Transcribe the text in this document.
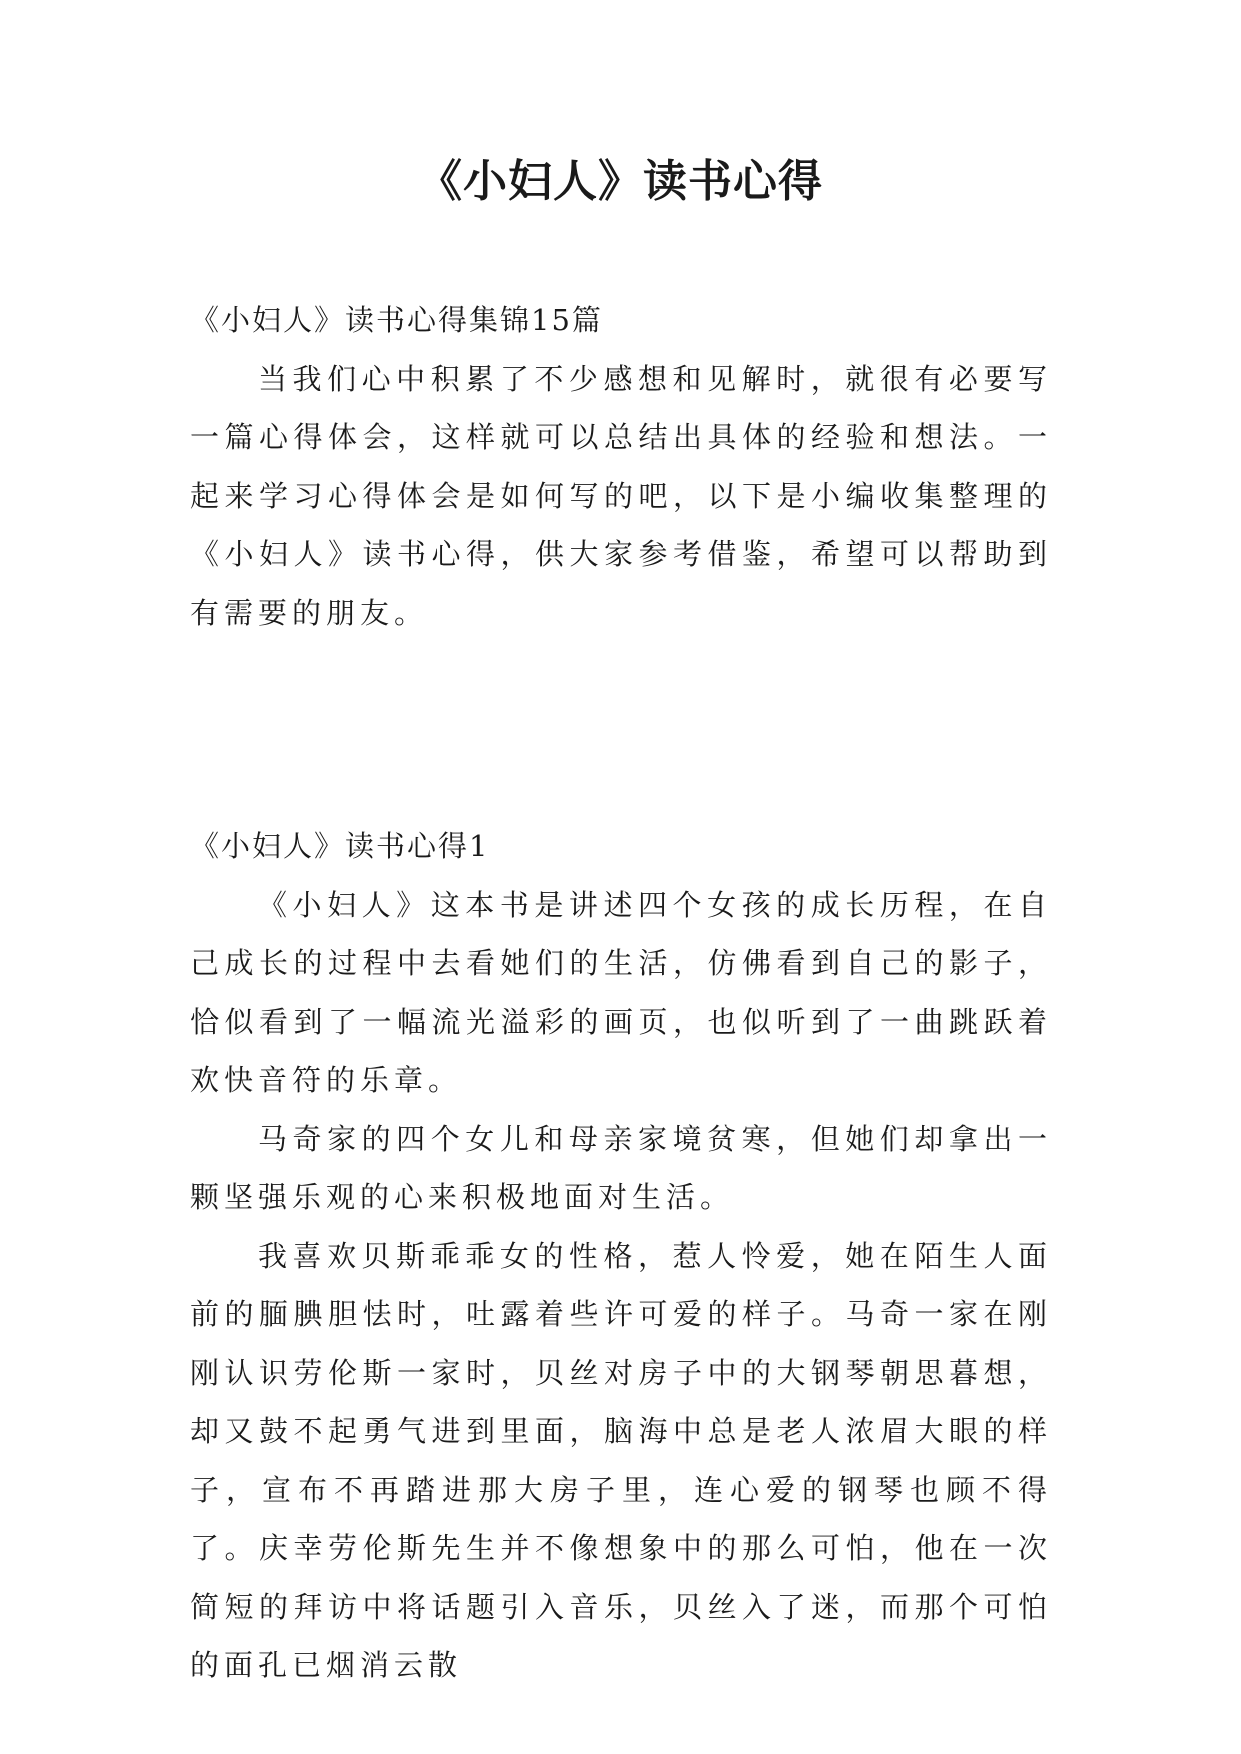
《小妇人》读书心得

《小妇人》读书心得集锦15篇

当我们心中积累了不少感想和见解时，就很有必要写一篇心得体会，这样就可以总结出具体的经验和想法。一起来学习心得体会是如何写的吧，以下是小编收集整理的《小妇人》读书心得，供大家参考借鉴，希望可以帮助到有需要的朋友。

《小妇人》读书心得1

《小妇人》这本书是讲述四个女孩的成长历程，在自己成长的过程中去看她们的生活，仿佛看到自己的影子，恰似看到了一幅流光溢彩的画页，也似听到了一曲跳跃着欢快音符的乐章。

马奇家的四个女儿和母亲家境贫寒，但她们却拿出一颗坚强乐观的心来积极地面对生活。

我喜欢贝斯乖乖女的性格，惹人怜爱，她在陌生人面前的腼腆胆怯时，吐露着些许可爱的样子。马奇一家在刚刚认识劳伦斯一家时，贝丝对房子中的大钢琴朝思暮想，却又鼓不起勇气进到里面，脑海中总是老人浓眉大眼的样子，宣布不再踏进那大房子里，连心爱的钢琴也顾不得了。庆幸劳伦斯先生并不像想象中的那么可怕，他在一次简短的拜访中将话题引入音乐，贝丝入了迷，而那个可怕的面孔已烟消云散
